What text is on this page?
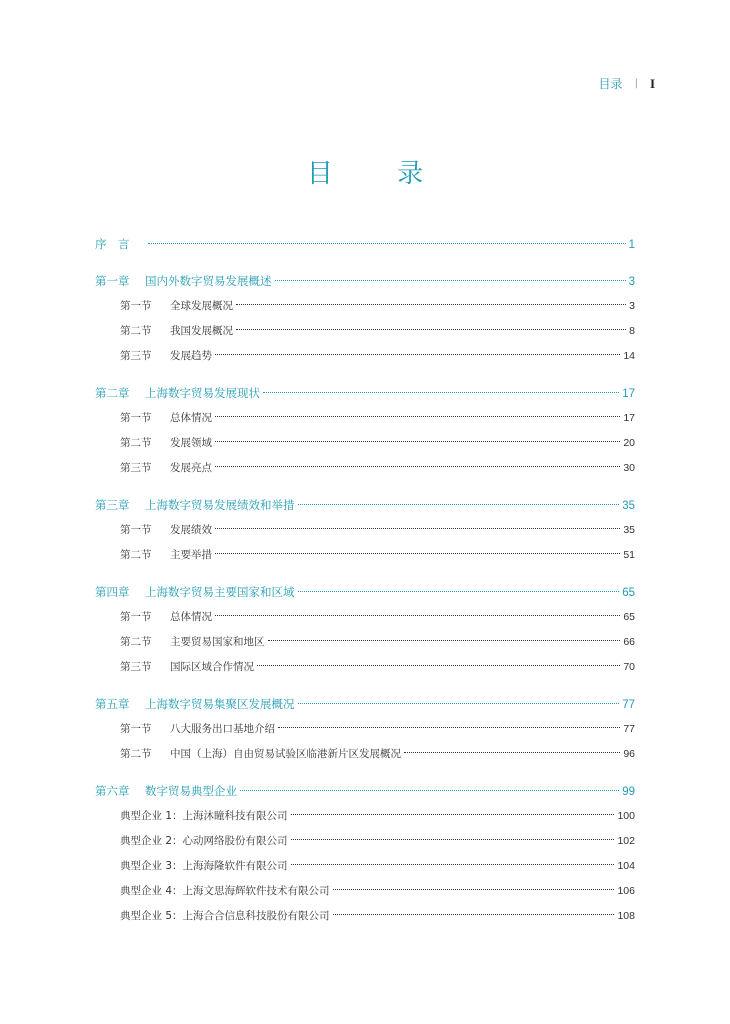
目录 | I
目 录
序　言	1
第一章	国内外数字贸易发展概述	3
第一节	全球发展概况	3
第二节	我国发展概况	8
第三节	发展趋势	14
第二章	上海数字贸易发展现状	17
第一节	总体情况	17
第二节	发展领域	20
第三节	发展亮点	30
第三章	上海数字贸易发展绩效和举措	35
第一节	发展绩效	35
第二节	主要举措	51
第四章	上海数字贸易主要国家和区域	65
第一节	总体情况	65
第二节	主要贸易国家和地区	66
第三节	国际区域合作情况	70
第五章	上海数字贸易集聚区发展概况	77
第一节	八大服务出口基地介绍	77
第二节	中国（上海）自由贸易试验区临港新片区发展概况	96
第六章	数字贸易典型企业	99
典型企业 1： 上海沐瞳科技有限公司	100
典型企业 2： 心动网络股份有限公司	102
典型企业 3： 上海海隆软件有限公司	104
典型企业 4： 上海文思海辉软件技术有限公司	106
典型企业 5： 上海合合信息科技股份有限公司	108
